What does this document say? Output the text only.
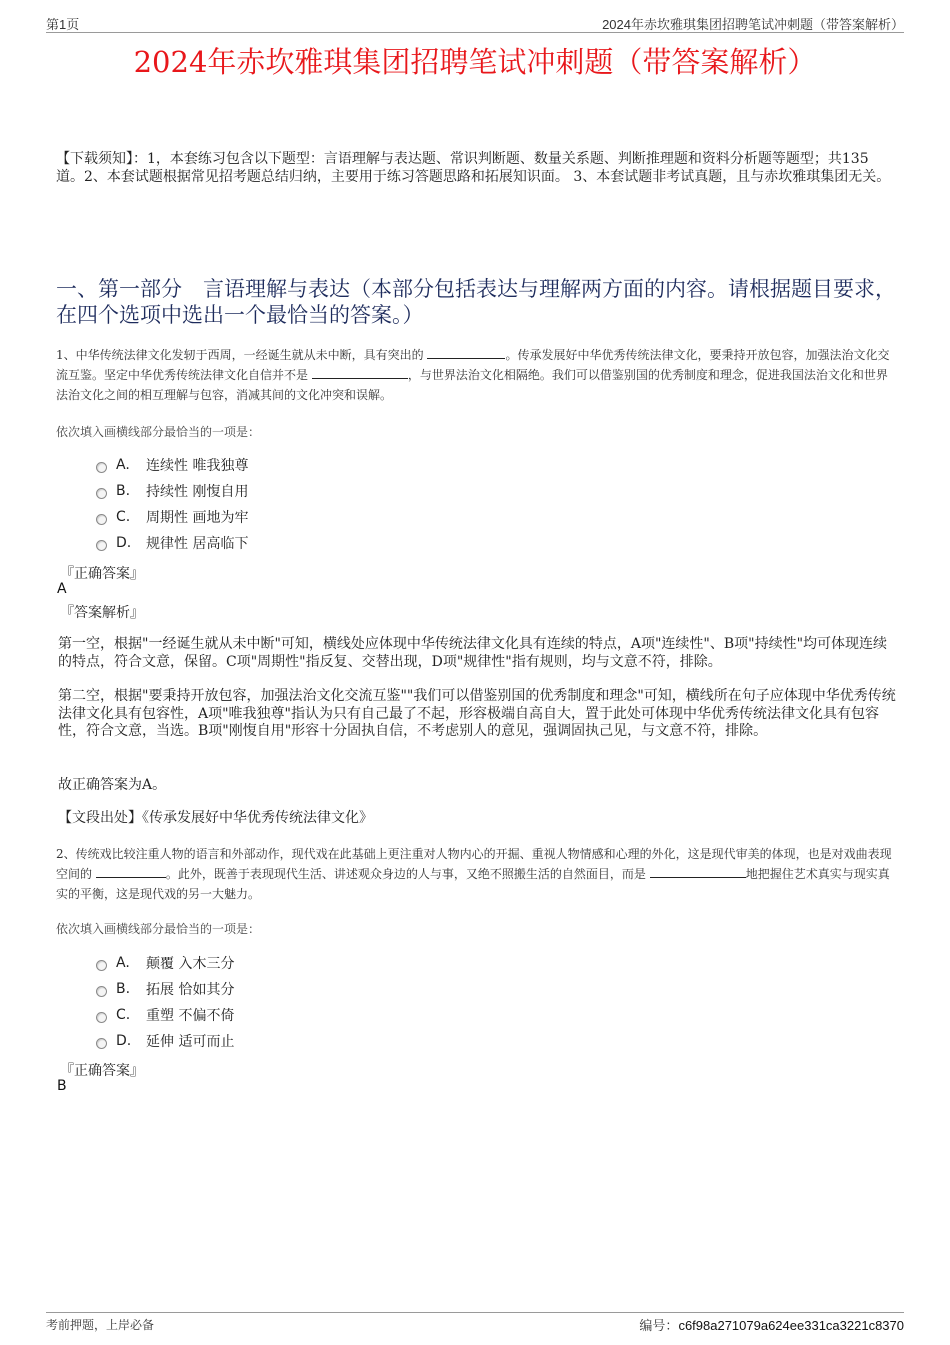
第1页	2024年赤坎雅琪集团招聘笔试冲刺题（带答案解析）
2024年赤坎雅琪集团招聘笔试冲刺题（带答案解析）
【下载须知】：1，本套练习包含以下题型：言语理解与表达题、常识判断题、数量关系题、判断推理题和资料分析题等题型；共135道。2、本套试题根据常见招考题总结归纳，主要用于练习答题思路和拓展知识面。 3、本套试题非考试真题，且与赤坎雅琪集团无关。
一、第一部分　言语理解与表达（本部分包括表达与理解两方面的内容。请根据题目要求，在四个选项中选出一个最恰当的答案。）
1、中华传统法律文化发轫于西周，一经诞生就从未中断，具有突出的	。传承发展好中华优秀传统法律文化，要秉持开放包容，加强法治文化交流互鉴。坚定中华优秀传统法律文化自信并不是	，与世界法治文化相隔绝。我们可以借鉴别国的优秀制度和理念，促进我国法治文化和世界法治文化之间的相互理解与包容，消减其间的文化冲突和误解。
依次填入画横线部分最恰当的一项是：
A.	连续性 唯我独尊
B.	持续性 刚愎自用
C.	周期性 画地为牢
D.	规律性 居高临下
『正确答案』
A
『答案解析』
第一空，根据"一经诞生就从未中断"可知，横线处应体现中华传统法律文化具有连续的特点，A项"连续性"、B项"持续性"均可体现连续的特点，符合文意，保留。C项"周期性"指反复、交替出现，D项"规律性"指有规则，均与文意不符，排除。
第二空，根据"要秉持开放包容，加强法治文化交流互鉴""我们可以借鉴别国的优秀制度和理念"可知，横线所在句子应体现中华优秀传统法律文化具有包容性，A项"唯我独尊"指认为只有自己最了不起，形容极端自高自大，置于此处可体现中华优秀传统法律文化具有包容性，符合文意，当选。B项"刚愎自用"形容十分固执自信，不考虑别人的意见，强调固执己见，与文意不符，排除。
故正确答案为A。
【文段出处】《传承发展好中华优秀传统法律文化》
2、传统戏比较注重人物的语言和外部动作，现代戏在此基础上更注重对人物内心的开掘、重视人物情感和心理的外化，这是现代审美的体现，也是对戏曲表现空间的	。此外，既善于表现现代生活、讲述观众身边的人与事，又绝不照搬生活的自然面目，而是	地把握住艺术真实与现实真实的平衡，这是现代戏的另一大魅力。
依次填入画横线部分最恰当的一项是：
A.	颠覆 入木三分
B.	拓展 恰如其分
C.	重塑 不偏不倚
D.	延伸 适可而止
『正确答案』
B
考前押题，上岸必备	编号：c6f98a271079a624ee331ca3221c8370
